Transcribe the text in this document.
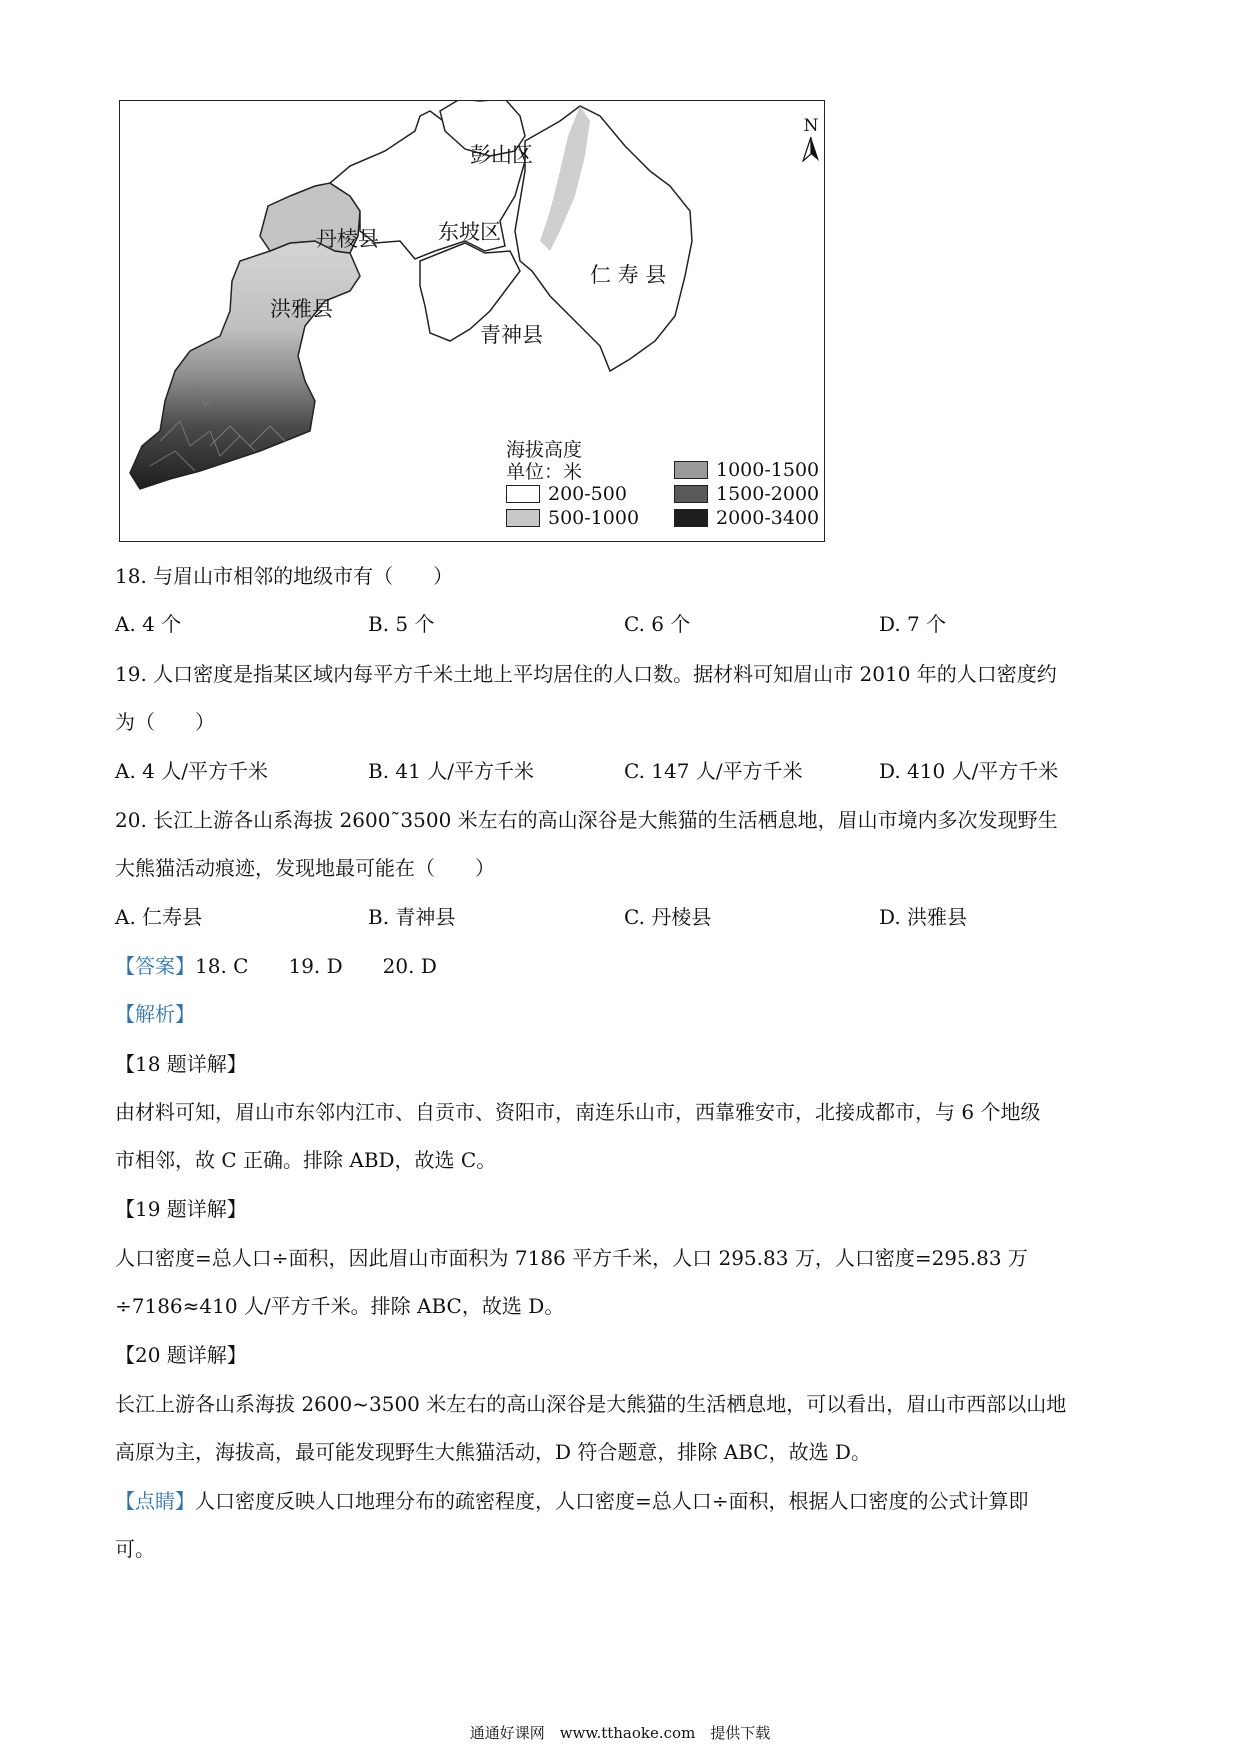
N
彭山区
东坡区
丹棱县
洪雅县
仁 寿 县
青神县
海拔高度
单位：米
200-500
500-1000
1000-1500
1500-2000
2000-3400
18. 与眉山市相邻的地级市有（　　）
A. 4 个	B. 5 个	C. 6 个	D. 7 个
19. 人口密度是指某区域内每平方千米土地上平均居住的人口数。据材料可知眉山市 2010 年的人口密度约
为（　　）
A. 4 人/平方千米	B. 41 人/平方千米	C. 147 人/平方千米	D. 410 人/平方千米
20. 长江上游各山系海拔 2600˜3500 米左右的高山深谷是大熊猫的生活栖息地，眉山市境内多次发现野生
大熊猫活动痕迹，发现地最可能在（　　）
A. 仁寿县	B. 青神县	C. 丹棱县	D. 洪雅县
【答案】18. C　　19. D　　20. D
【解析】
【18 题详解】
由材料可知，眉山市东邻内江市、自贡市、资阳市，南连乐山市，西靠雅安市，北接成都市，与 6 个地级
市相邻，故 C 正确。排除 ABD，故选 C。
【19 题详解】
人口密度=总人口÷面积，因此眉山市面积为 7186 平方千米，人口 295.83 万，人口密度=295.83 万
÷7186≈410 人/平方千米。排除 ABC，故选 D。
【20 题详解】
长江上游各山系海拔 2600~3500 米左右的高山深谷是大熊猫的生活栖息地，可以看出，眉山市西部以山地
高原为主，海拔高，最可能发现野生大熊猫活动，D 符合题意，排除 ABC，故选 D。
【点睛】人口密度反映人口地理分布的疏密程度，人口密度=总人口÷面积，根据人口密度的公式计算即
可。
通通好课网　www.tthaoke.com　提供下载
